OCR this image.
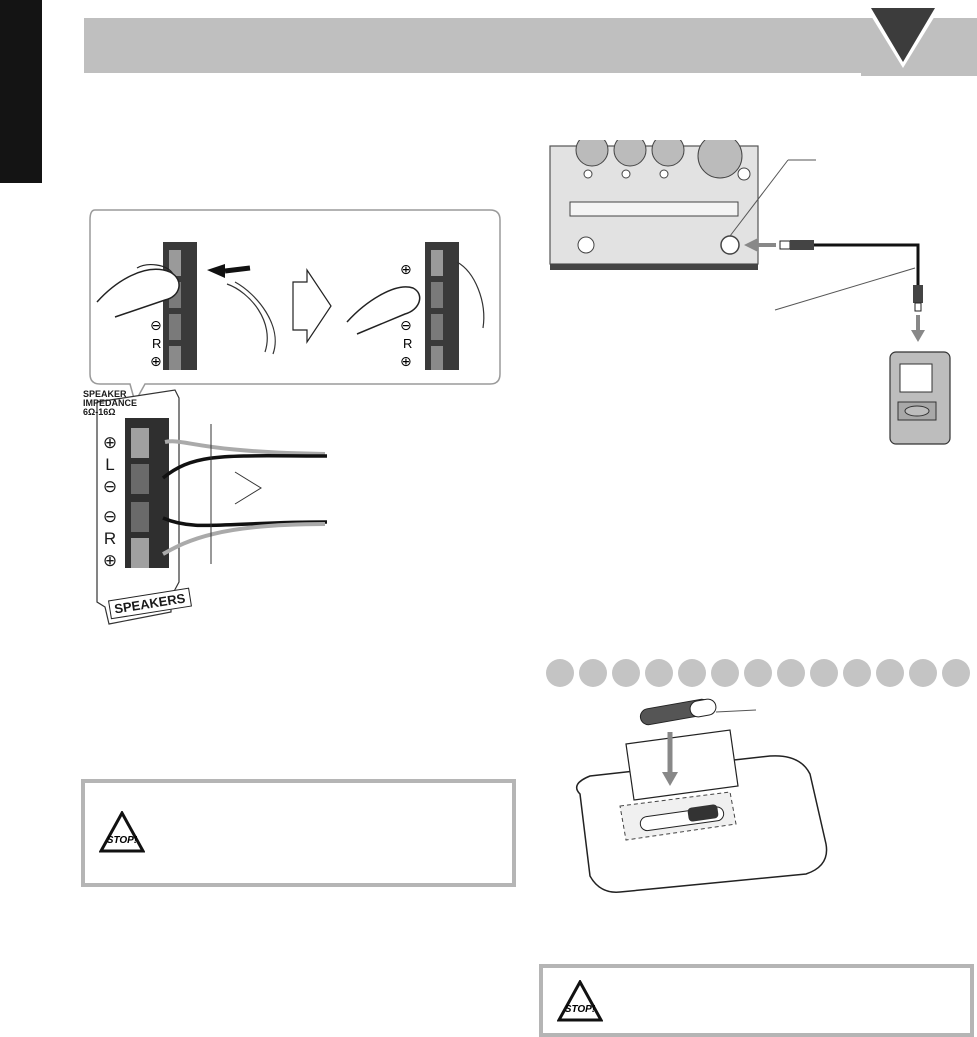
⊖
R
⊕
⊕
⊖
R
⊕
SPEAKER
IMPEDANCE
6Ω-16Ω
⊕
L
⊖
⊖
R
⊕
SPEAKERS
STOP!
STOP!
